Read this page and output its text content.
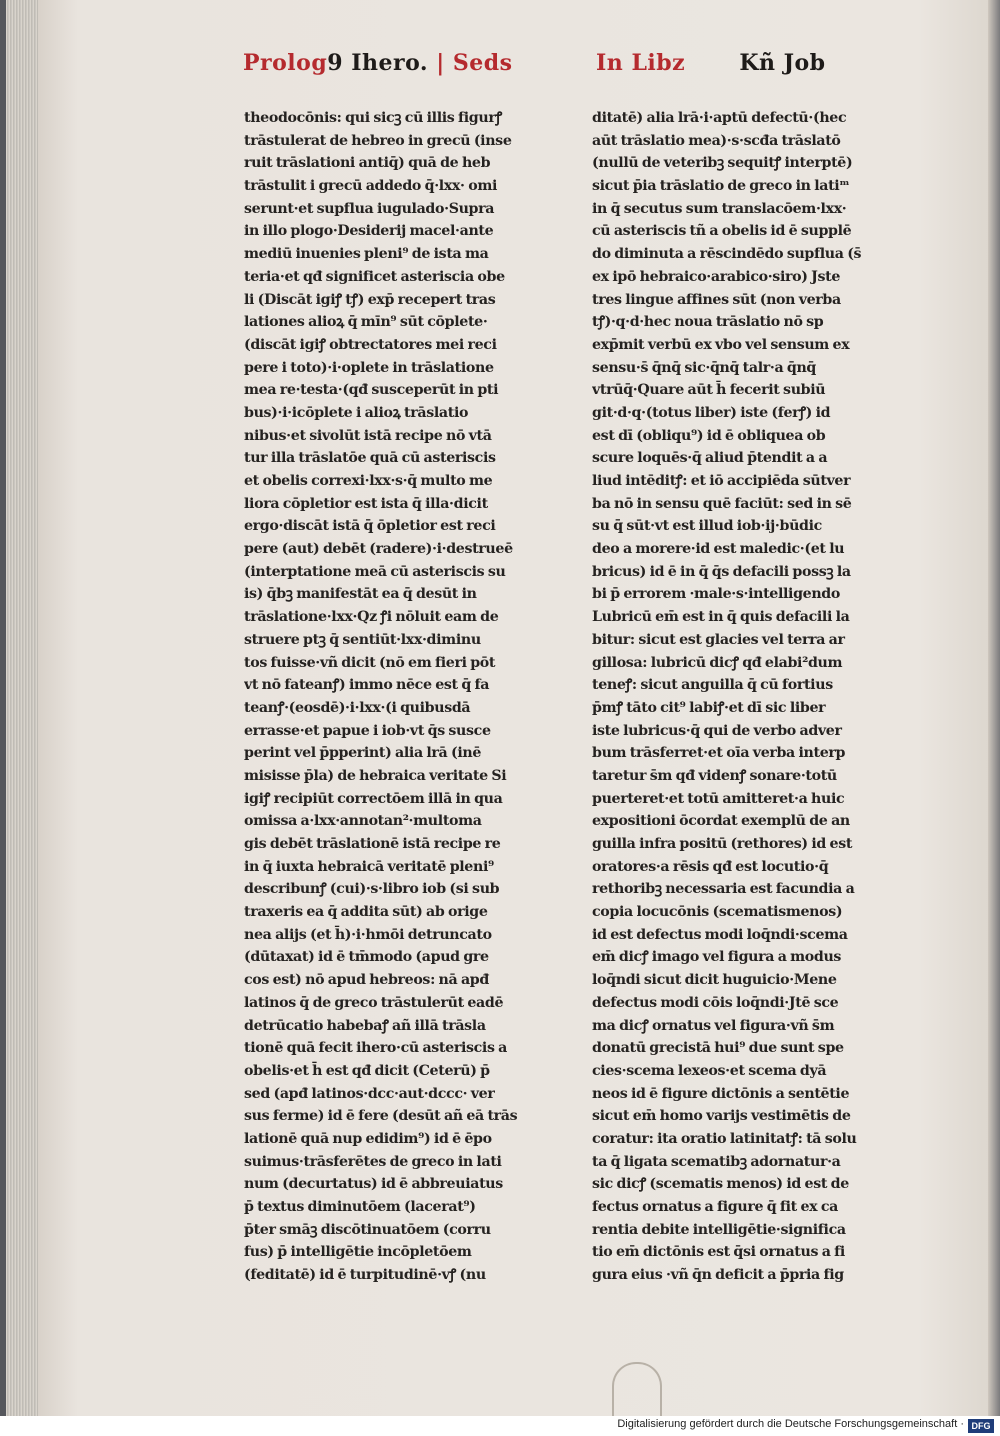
Prolog9 Ihero. | Seds	In Libz Kñ Job
theodocōnis: qui sicꝫ cū illis figurꝭ
trāstulerat de hebreo in grecū (inse
ruit trāslationi antiq̄) quā de heb
trāstulit i grecū addedo q̄·lxx· omi
serunt·et supflua iugulado·Supra
in illo plogo·Desiderij macel·ante
mediū inuenies pleni⁹ de ista ma
teria·et qđ significet asteriscia obe
li (Discāt igiꝭ tꝭ) exp̄ recepert tras
lationes alioꝝ q̄ mīn⁹ sūt cōplete·
(discāt igiꝭ obtrectatores mei reci
pere i toto)·i·oplete in trāslatione
mea re·testa·(qđ susceperūt in pti
bus)·i·icōplete i alioꝝ trāslatio
nibus·et sivolūt istā recipe nō vtā
tur illa trāslatōe quā cū asteriscis
et obelis correxi·lxx·s·q̄ multo me
liora cōpletior est ista q̄ illa·dicit
ergo·discāt istā q̄ ōpletior est reci
pere (aut) debēt (radere)·i·destrueē
(interptatione meā cū asteriscis su
is) q̄bꝫ manifestāt ea q̄ desūt in
trāslatione·lxx·Qz ꝭi nōluit eam de
struere ptꝫ q̄ sentiūt·lxx·diminu
tos fuisse·vñ dicit (nō em fieri pōt
vt nō fateanꝭ) immo nēce est q̄ fa
teanꝭ·(eosdē)·i·lxx·(i quibusdā
errasse·et papue i iob·vt q̄s susce
perint vel p̄pperint) alia lrā (inē
misisse p̄la) de hebraica veritate Si
igiꝭ recipiūt correctōem illā in qua
omissa a·lxx·annotan²·multoma
gis debēt trāslationē istā recipe re
in q̄ iuxta hebraicā veritatē pleni⁹
describunꝭ (cui)·s·libro iob (si sub
traxeris ea q̄ addita sūt) ab orige
nea alijs (et h̄)·i·hmōi detruncato
(dūtaxat) id ē tm̄modo (apud gre
cos est) nō apud hebreos: nā apđ
latinos q̄ de greco trāstulerūt eadē
detrūcatio habebaꝭ añ illā trāsla
tionē quā fecit ihero·cū asteriscis a
obelis·et h̄ est qđ dicit (Ceterū) p̄
sed (apđ latinos·dcc·aut·dccc· ver
sus ferme) id ē fere (desūt añ eā trās
lationē quā nup edidim⁹) id ē ēpo
suimus·trāsferētes de greco in lati
num (decurtatus) id ē abbreuiatus
p̄ textus diminutōem (lacerat⁹)
p̄ter smāꝫ discōtinuatōem (corru
fus) p̄ intelligētie incōpletōem
(feditatē) id ē turpitudinē·vꝭ (nu
ditatē) alia lrā·i·aptū defectū·(hec
aūt trāslatio mea)·s·scđa trāslatō
(nullū de veteribꝫ sequitꝭ interptē)
sicut p̄ia trāslatio de greco in latiᵐ
in q̄ secutus sum translacōem·lxx·
cū asteriscis tñ a obelis id ē supplē
do diminuta a rēscindēdo supflua (s̄
ex ipō hebraico·arabico·siro) Jste
tres lingue affines sūt (non verba
tꝭ)·q·d·hec noua trāslatio nō sp
exp̄mit verbū ex vbo vel sensum ex
sensu·s̄ q̄nq̄ sic·q̄nq̄ talr·a q̄nq̄
vtrūq̄·Quare aūt h̄ fecerit subiū
git·d·q·(totus liber) iste (ferꝭ) id
est dī (obliqu⁹) id ē obliquea ob
scure loquēs·q̄ aliud p̄tendit a a
liud intēditꝭ: et iō accipiēda sūtver
ba nō in sensu quē faciūt: sed in sē
su q̄ sūt·vt est illud iob·ij·būdic
deo a morere·id est maledic·(et lu
bricus) id ē in q̄ q̄s defacili possꝫ la
bi p̄ errorem ·male·s·intelligendo
Lubricū em̄ est in q̄ quis defacili la
bitur: sicut est glacies vel terra ar
gillosa: lubricū dicꝭ qđ elabi²dum
teneꝭ: sicut anguilla q̄ cū fortius
p̄mꝭ tāto cit⁹ labiꝭ·et dī sic liber
iste lubricus·q̄ qui de verbo adver
bum trāsferret·et oīa verba interp
taretur s̄m qđ videnꝭ sonare·totū
puerteret·et totū amitteret·a huic
expositioni ōcordat exemplū de an
guilla infra positū (rethores) id est
oratores·a rēsis qđ est locutio·q̄
rethoribꝫ necessaria est facundia a
copia locucōnis (scematismenos)
id est defectus modi loq̄ndi·scema
em̄ dicꝭ imago vel figura a modus
loq̄ndi sicut dicit huguicio·Mene
defectus modi cōis loq̄ndi·Jtē sce
ma dicꝭ ornatus vel figura·vñ s̄m
donatū grecistā hui⁹ due sunt spe
cies·scema lexeos·et scema dyā
neos id ē figure dictōnis a sentētie
sicut em̄ homo varijs vestimētis de
coratur: ita oratio latinitatꝭ: tā solu
ta q̄ ligata scematibꝫ adornatur·a
sic dicꝭ (scematis menos) id est de
fectus ornatus a figure q̄ fit ex ca
rentia debite intelligētie·significa
tio em̄ dictōnis est q̄si ornatus a fi
gura eius ·vñ q̄n deficit a p̄pria fig
Digitalisierung gefördert durch die Deutsche Forschungsgemeinschaft · DFG
